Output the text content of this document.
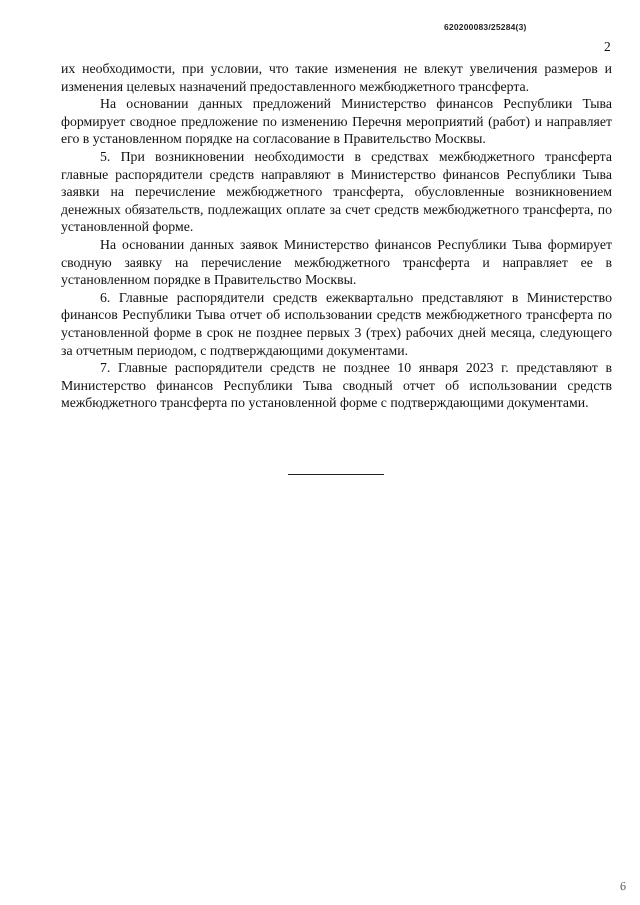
620200083/25284(3)
2

их необходимости, при условии, что такие изменения не влекут увеличения размеров и изменения целевых назначений предоставленного межбюджетного трансферта.

На основании данных предложений Министерство финансов Республики Тыва формирует сводное предложение по изменению Перечня мероприятий (работ) и направляет его в установленном порядке на согласование в Правительство Москвы.

5. При возникновении необходимости в средствах межбюджетного трансферта главные распорядители средств направляют в Министерство финансов Республики Тыва заявки на перечисление межбюджетного трансферта, обусловленные возникновением денежных обязательств, подлежащих оплате за счет средств межбюджетного трансферта, по установленной форме.

На основании данных заявок Министерство финансов Республики Тыва формирует сводную заявку на перечисление межбюджетного трансферта и направляет ее в установленном порядке в Правительство Москвы.

6. Главные распорядители средств ежеквартально представляют в Министерство финансов Республики Тыва отчет об использовании средств межбюджетного трансферта по установленной форме в срок не позднее первых 3 (трех) рабочих дней месяца, следующего за отчетным периодом, с подтверждающими документами.

7. Главные распорядители средств не позднее 10 января 2023 г. представляют в Министерство финансов Республики Тыва сводный отчет об использовании средств межбюджетного трансферта по установленной форме с подтверждающими документами.

6
